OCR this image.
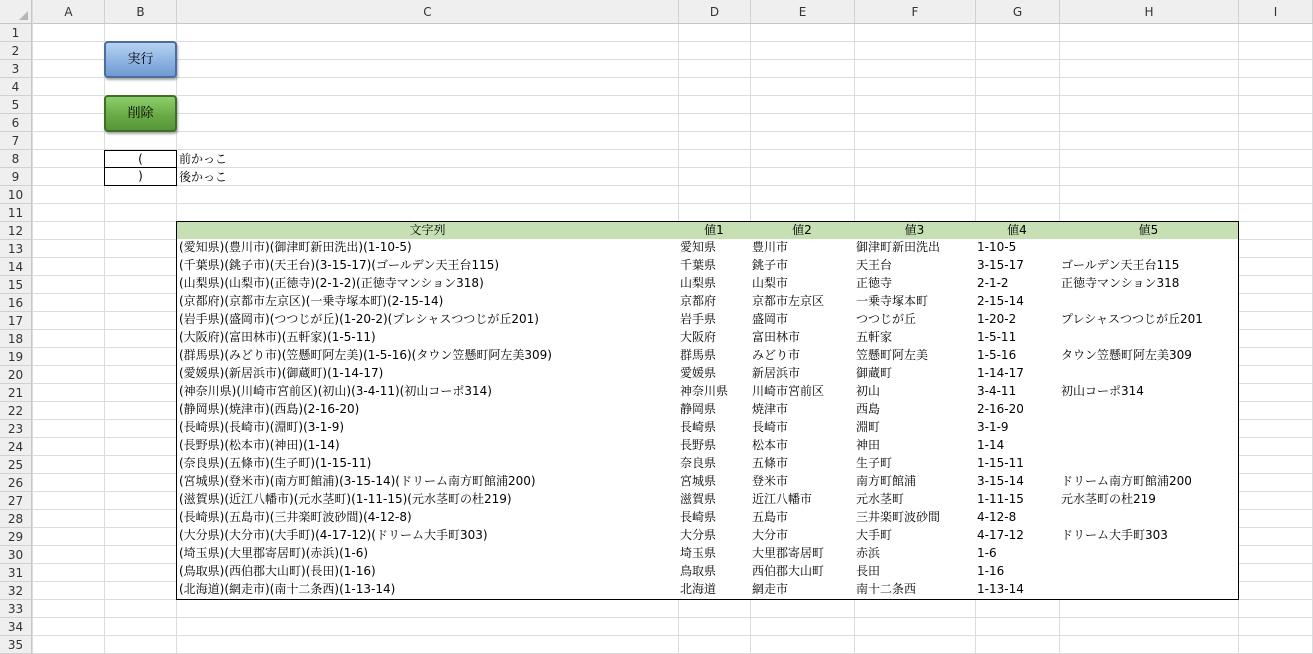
A	B	C	D	E	F	G	H	I
1
2
3
4
5
6
7
8
9
10
11
12
13
14
15
16
17
18
19
20
21
22
23
24
25
26
27
28
29
30
31
32
33
34
35
実行
削除
(	前かっこ
)	後かっこ
文字列	値1	値2	値3	値4	値5
(愛知県)(豊川市)(御津町新田洗出)(1-10-5)	愛知県	豊川市	御津町新田洗出	1-10-5
(千葉県)(銚子市)(天王台)(3-15-17)(ゴールデン天王台115)	千葉県	銚子市	天王台	3-15-17	ゴールデン天王台115
(山梨県)(山梨市)(正徳寺)(2-1-2)(正徳寺マンション318)	山梨県	山梨市	正徳寺	2-1-2	正徳寺マンション318
(京都府)(京都市左京区)(一乗寺塚本町)(2-15-14)	京都府	京都市左京区	一乗寺塚本町	2-15-14
(岩手県)(盛岡市)(つつじが丘)(1-20-2)(プレシャスつつじが丘201)	岩手県	盛岡市	つつじが丘	1-20-2	プレシャスつつじが丘201
(大阪府)(富田林市)(五軒家)(1-5-11)	大阪府	富田林市	五軒家	1-5-11
(群馬県)(みどり市)(笠懸町阿左美)(1-5-16)(タウン笠懸町阿左美309)	群馬県	みどり市	笠懸町阿左美	1-5-16	タウン笠懸町阿左美309
(愛媛県)(新居浜市)(御蔵町)(1-14-17)	愛媛県	新居浜市	御蔵町	1-14-17
(神奈川県)(川崎市宮前区)(初山)(3-4-11)(初山コーポ314)	神奈川県	川崎市宮前区	初山	3-4-11	初山コーポ314
(静岡県)(焼津市)(西島)(2-16-20)	静岡県	焼津市	西島	2-16-20
(長崎県)(長崎市)(淵町)(3-1-9)	長崎県	長崎市	淵町	3-1-9
(長野県)(松本市)(神田)(1-14)	長野県	松本市	神田	1-14
(奈良県)(五條市)(生子町)(1-15-11)	奈良県	五條市	生子町	1-15-11
(宮城県)(登米市)(南方町館浦)(3-15-14)(ドリーム南方町館浦200)	宮城県	登米市	南方町館浦	3-15-14	ドリーム南方町館浦200
(滋賀県)(近江八幡市)(元水茎町)(1-11-15)(元水茎町の杜219)	滋賀県	近江八幡市	元水茎町	1-11-15	元水茎町の杜219
(長崎県)(五島市)(三井楽町波砂間)(4-12-8)	長崎県	五島市	三井楽町波砂間	4-12-8
(大分県)(大分市)(大手町)(4-17-12)(ドリーム大手町303)	大分県	大分市	大手町	4-17-12	ドリーム大手町303
(埼玉県)(大里郡寄居町)(赤浜)(1-6)	埼玉県	大里郡寄居町	赤浜	1-6
(鳥取県)(西伯郡大山町)(長田)(1-16)	鳥取県	西伯郡大山町	長田	1-16
(北海道)(網走市)(南十二条西)(1-13-14)	北海道	網走市	南十二条西	1-13-14
